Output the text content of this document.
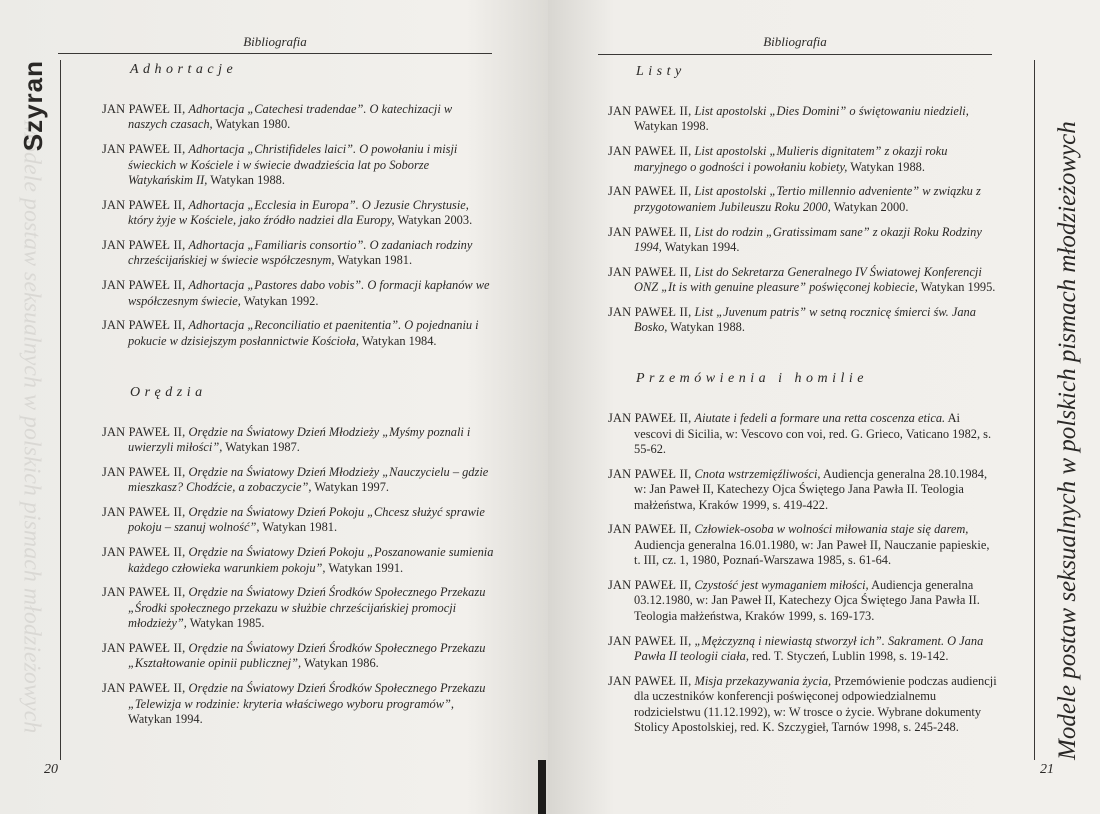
Szyran
Modele postaw seksualnych w polskich pismach młodzieżowych
Bibliografia
Adhortacje
JAN PAWEŁ II, Adhortacja „Catechesi tradendae”. O katechizacji w naszych czasach, Watykan 1980.
JAN PAWEŁ II, Adhortacja „Christifideles laici”. O powołaniu i misji świeckich w Kościele i w świecie dwadzieścia lat po Soborze Watykańskim II, Watykan 1988.
JAN PAWEŁ II, Adhortacja „Ecclesia in Europa”. O Jezusie Chrystusie, który żyje w Kościele, jako źródło nadziei dla Europy, Watykan 2003.
JAN PAWEŁ II, Adhortacja „Familiaris consortio”. O zadaniach rodziny chrześcijańskiej w świecie współczesnym, Watykan 1981.
JAN PAWEŁ II, Adhortacja „Pastores dabo vobis”. O formacji kapłanów we współczesnym świecie, Watykan 1992.
JAN PAWEŁ II, Adhortacja „Reconciliatio et paenitentia”. O pojednaniu i pokucie w dzisiejszym posłannictwie Kościoła, Watykan 1984.
Orędzia
JAN PAWEŁ II, Orędzie na Światowy Dzień Młodzieży „Myśmy poznali i uwierzyli miłości”, Watykan 1987.
JAN PAWEŁ II, Orędzie na Światowy Dzień Młodzieży „Nauczycielu – gdzie mieszkasz? Chodźcie, a zobaczycie”, Watykan 1997.
JAN PAWEŁ II, Orędzie na Światowy Dzień Pokoju „Chcesz służyć sprawie pokoju – szanuj wolność”, Watykan 1981.
JAN PAWEŁ II, Orędzie na Światowy Dzień Pokoju „Poszanowanie sumienia każdego człowieka warunkiem pokoju”, Watykan 1991.
JAN PAWEŁ II, Orędzie na Światowy Dzień Środków Społecznego Przekazu „Środki społecznego przekazu w służbie chrześcijańskiej promocji młodzieży”, Watykan 1985.
JAN PAWEŁ II, Orędzie na Światowy Dzień Środków Społecznego Przekazu „Kształtowanie opinii publicznej”, Watykan 1986.
JAN PAWEŁ II, Orędzie na Światowy Dzień Środków Społecznego Przekazu „Telewizja w rodzinie: kryteria właściwego wyboru programów”, Watykan 1994.
20
Bibliografia
Listy
JAN PAWEŁ II, List apostolski „Dies Domini” o świętowaniu niedzieli, Watykan 1998.
JAN PAWEŁ II, List apostolski „Mulieris dignitatem” z okazji roku maryjnego o godności i powołaniu kobiety, Watykan 1988.
JAN PAWEŁ II, List apostolski „Tertio millennio adveniente” w związku z przygotowaniem Jubileuszu Roku 2000, Watykan 2000.
JAN PAWEŁ II, List do rodzin „Gratissimam sane” z okazji Roku Rodziny 1994, Watykan 1994.
JAN PAWEŁ II, List do Sekretarza Generalnego IV Światowej Konferencji ONZ „It is with genuine pleasure” poświęconej kobiecie, Watykan 1995.
JAN PAWEŁ II, List „Juvenum patris” w setną rocznicę śmierci św. Jana Bosko, Watykan 1988.
Przemówienia i homilie
JAN PAWEŁ II, Aiutate i fedeli a formare una retta coscenza etica. Ai vescovi di Sicilia, w: Vescovo con voi, red. G. Grieco, Vaticano 1982, s. 55-62.
JAN PAWEŁ II, Cnota wstrzemięźliwości, Audiencja generalna 28.10.1984, w: Jan Paweł II, Katechezy Ojca Świętego Jana Pawła II. Teologia małżeństwa, Kraków 1999, s. 419-422.
JAN PAWEŁ II, Człowiek-osoba w wolności miłowania staje się darem, Audiencja generalna 16.01.1980, w: Jan Paweł II, Nauczanie papieskie, t. III, cz. 1, 1980, Poznań-Warszawa 1985, s. 61-64.
JAN PAWEŁ II, Czystość jest wymaganiem miłości, Audiencja generalna 03.12.1980, w: Jan Paweł II, Katechezy Ojca Świętego Jana Pawła II. Teologia małżeństwa, Kraków 1999, s. 169-173.
JAN PAWEŁ II, „Mężczyzną i niewiastą stworzył ich”. Sakrament. O Jana Pawła II teologii ciała, red. T. Styczeń, Lublin 1998, s. 19-142.
JAN PAWEŁ II, Misja przekazywania życia, Przemówienie podczas audiencji dla uczestników konferencji poświęconej odpowiedzialnemu rodzicielstwu (11.12.1992), w: W trosce o życie. Wybrane dokumenty Stolicy Apostolskiej, red. K. Szczygieł, Tarnów 1998, s. 245-248.	Modele postaw seksualnych w polskich pismach młodzieżowych
21
